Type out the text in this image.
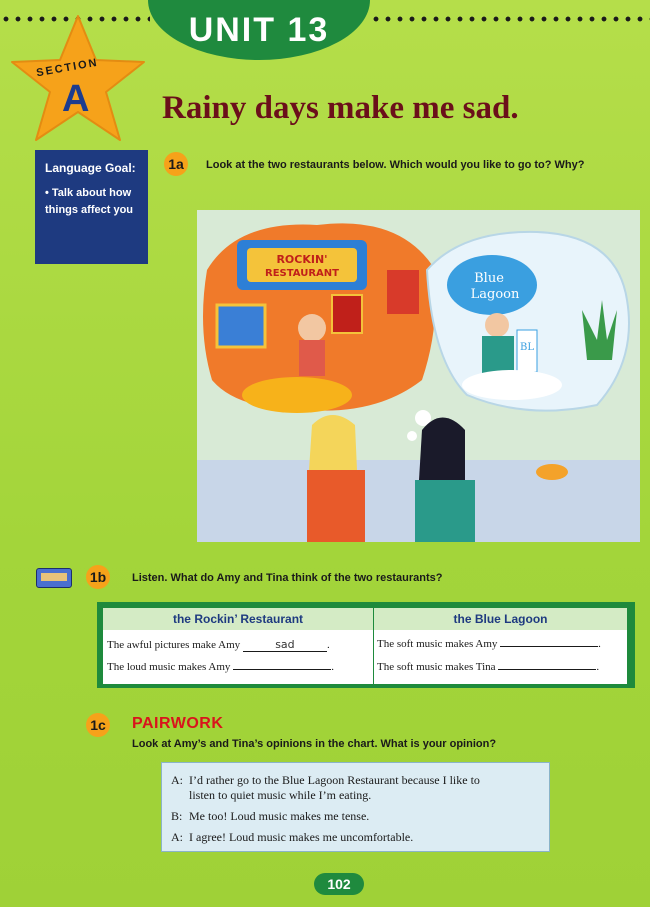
UNIT 13
SECTION
A
Language Goal:
• Talk about how things affect you
Rainy days make me sad.
1a	Look at the two restaurants below. Which would you like to go to? Why?
ROCKIN'
RESTAURANT	Blue
Lagoon
BL
1b	Listen. What do Amy and Tina think of the two restaurants?
the Rockin’ Restaurant	the Blue Lagoon
The awful pictures make Amy	sad	.	The soft music makes Amy	.
The loud music makes Amy	.	The soft music makes Tina	.
1c PAIRWORK
Look at Amy’s and Tina’s opinions in the chart. What is your opinion?
A: I’d rather go to the Blue Lagoon Restaurant because I like to
listen to quiet music while I’m eating.
B: Me too! Loud music makes me tense.
A: I agree! Loud music makes me uncomfortable.
102
